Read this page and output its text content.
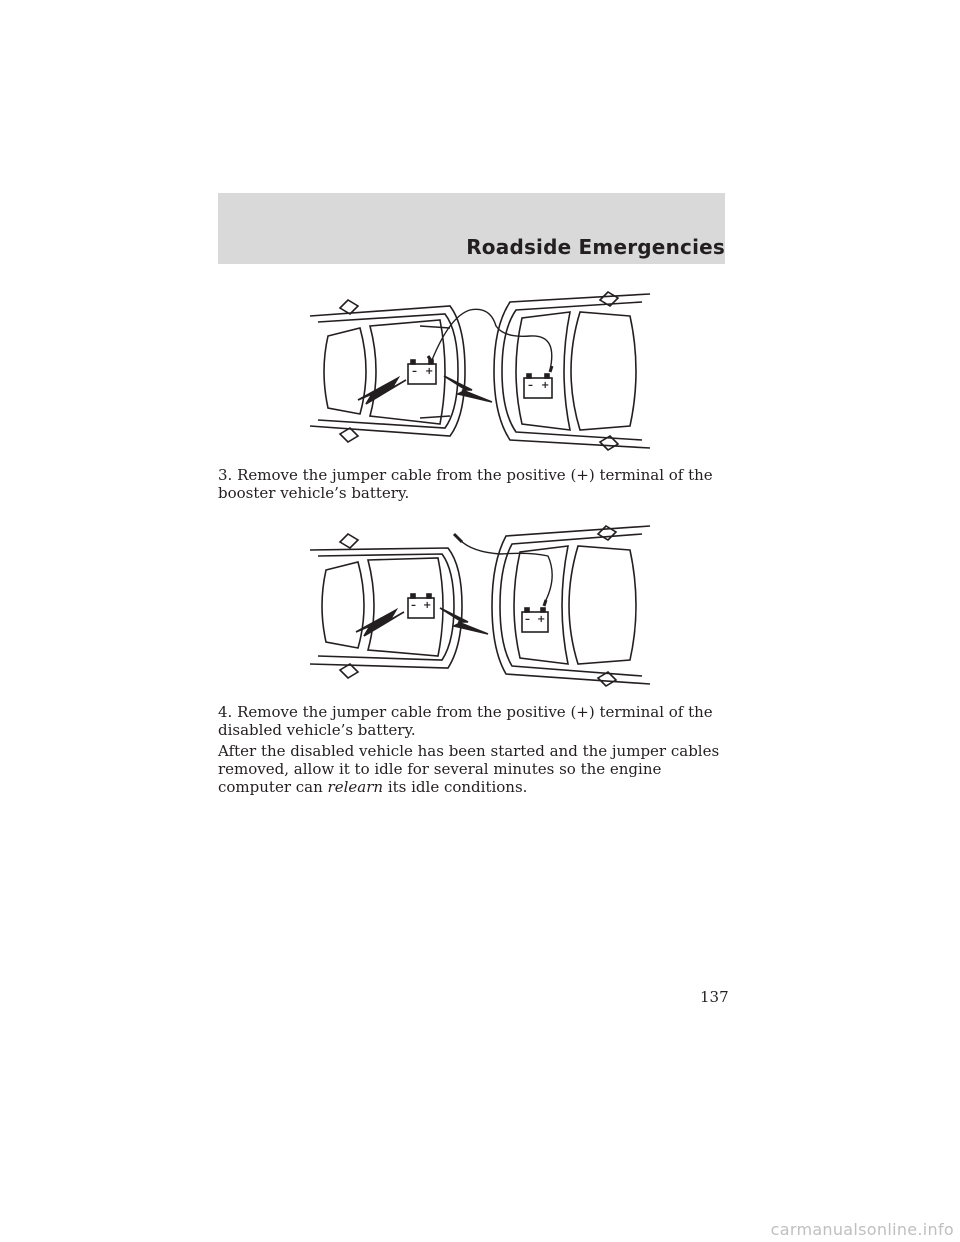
Roadside Emergencies
– +
– +

3. Remove the jumper cable from the positive (+) terminal of the booster vehicle’s battery.

– +
– +

4. Remove the jumper cable from the positive (+) terminal of the disabled vehicle’s battery.

After the disabled vehicle has been started and the jumper cables removed, allow it to idle for several minutes so the engine computer can relearn its idle conditions.

137
carmanualsonline.info
